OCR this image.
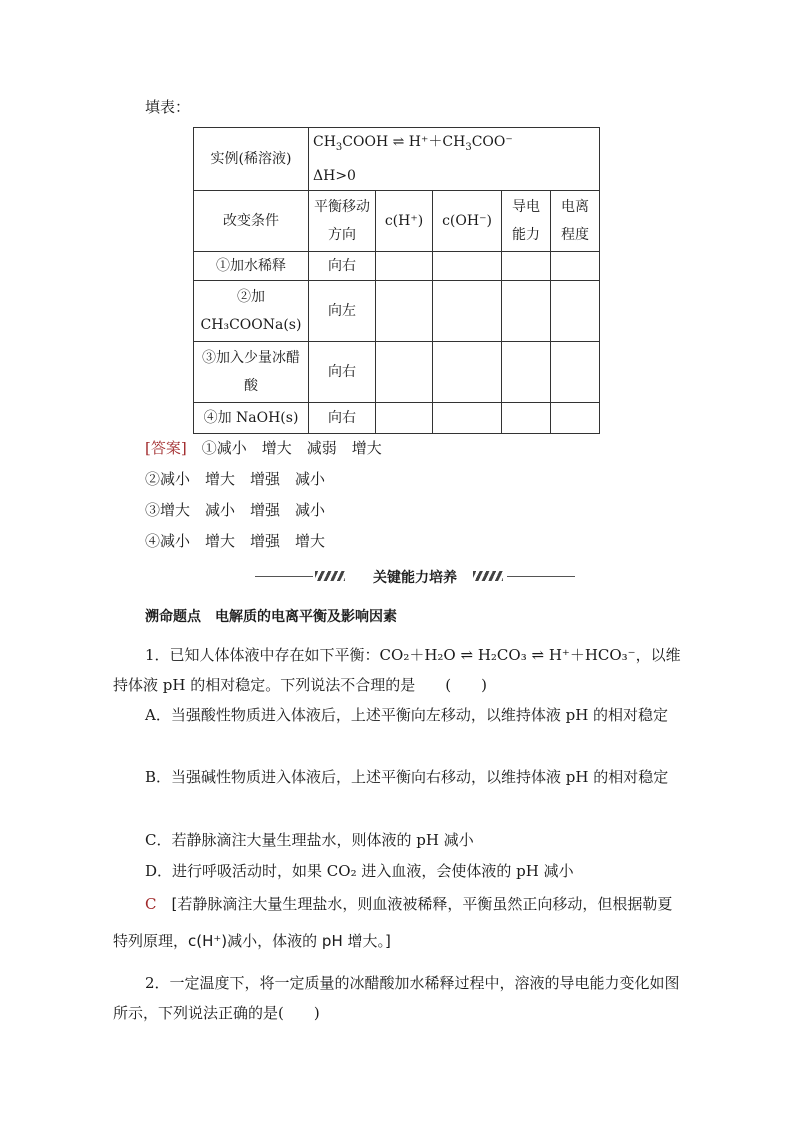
填表：
实例(稀溶液)	$CH_3COOH$ ⇌ $H^++CH_3COO^-$
ΔH>0				

改变条件	平衡移动方向	c(H⁺)	c(OH⁻)	导电能力	电离程度
①加水稀释	向右				
②加 CH₃COONa(s)	向左				
③加入少量冰醋酸	向右				
④加 NaOH(s)	向右				
[答案]　 ①减小　增大　减弱　增大
②减小　增大　增强　减小
③增大　减小　增强　减小
④减小　增大　增强　增大
关键能力培养
溯命题点　电解质的电离平衡及影响因素
1．已知人体体液中存在如下平衡：CO₂＋H₂O ⇌ H₂CO₃ ⇌ H⁺＋HCO₃⁻，以维持体液 pH 的相对稳定。下列说法不合理的是　　(　　)
A．当强酸性物质进入体液后，上述平衡向左移动，以维持体液 pH 的相对稳定
B．当强碱性物质进入体液后，上述平衡向右移动，以维持体液 pH 的相对稳定
C．若静脉滴注大量生理盐水，则体液的 pH 减小
D．进行呼吸活动时，如果 CO₂ 进入血液，会使体液的 pH 减小
C　 [若静脉滴注大量生理盐水，则血液被稀释，平衡虽然正向移动，但根据勒夏特列原理，c(H⁺)减小，体液的 pH 增大。]
2．一定温度下，将一定质量的冰醋酸加水稀释过程中，溶液的导电能力变化如图所示，下列说法正确的是(　　)
